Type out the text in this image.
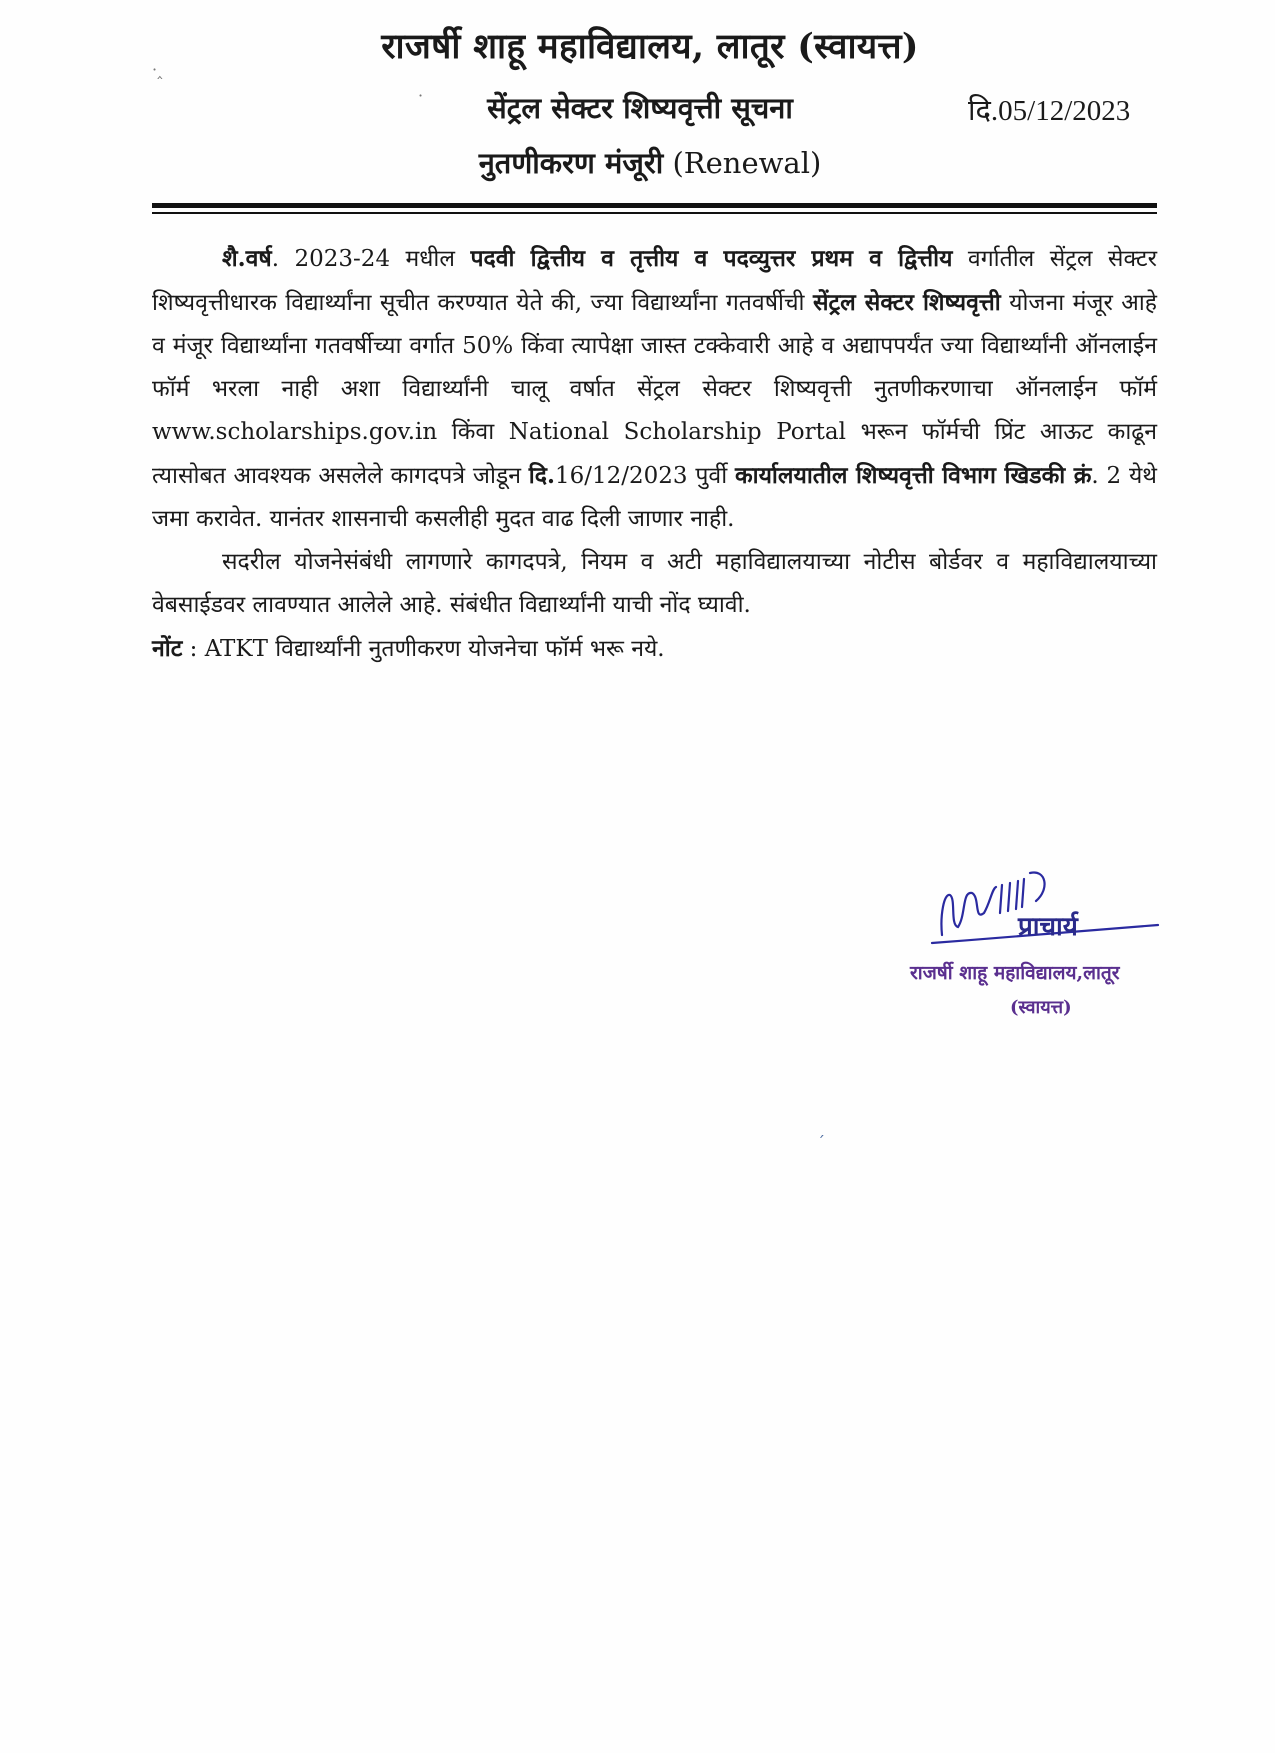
·‸
·
राजर्षी शाहू महाविद्यालय, लातूर (स्वायत्त)
सेंट्रल सेक्टर शिष्यवृत्ती सूचना	दि.05/12/2023
नुतणीकरण मंजूरी (Renewal)

शै.वर्ष. 2023-24 मधील पदवी द्वित्तीय व तृत्तीय व पदव्युत्तर प्रथम व द्वित्तीय वर्गातील सेंट्रल सेक्टर शिष्यवृत्तीधारक विद्यार्थ्यांना सूचीत करण्यात येते की, ज्या विद्यार्थ्यांना गतवर्षीची सेंट्रल सेक्टर शिष्यवृत्ती योजना मंजूर आहे व मंजूर विद्यार्थ्यांना गतवर्षीच्या वर्गात 50% किंवा त्यापेक्षा जास्त टक्केवारी आहे व अद्यापपर्यंत ज्या विद्यार्थ्यांनी ऑनलाईन फॉर्म भरला नाही अशा विद्यार्थ्यांनी चालू वर्षात सेंट्रल सेक्टर शिष्यवृत्ती नुतणीकरणाचा ऑनलाईन फॉर्म www.scholarships.gov.in किंवा National Scholarship Portal भरून फॉर्मची प्रिंट आऊट काढून त्यासोबत आवश्यक असलेले कागदपत्रे जोडून दि.16/12/2023 पुर्वी कार्यालयातील शिष्यवृत्ती विभाग खिडकी क्रं. 2 येथे जमा करावेत. यानंतर शासनाची कसलीही मुदत वाढ दिली जाणार नाही.

सदरील योजनेसंबंधी लागणारे कागदपत्रे, नियम व अटी महाविद्यालयाच्या नोटीस बोर्डवर व महाविद्यालयाच्या वेबसाईडवर लावण्यात आलेले आहे. संबंधीत विद्यार्थ्यांनी याची नोंद घ्यावी.

नोंट : ATKT विद्यार्थ्यांनी नुतणीकरण योजनेचा फॉर्म भरू नये.

प्राचार्य
राजर्षी शाहू महाविद्यालय,लातूर
(स्वायत्त)
ˊ
